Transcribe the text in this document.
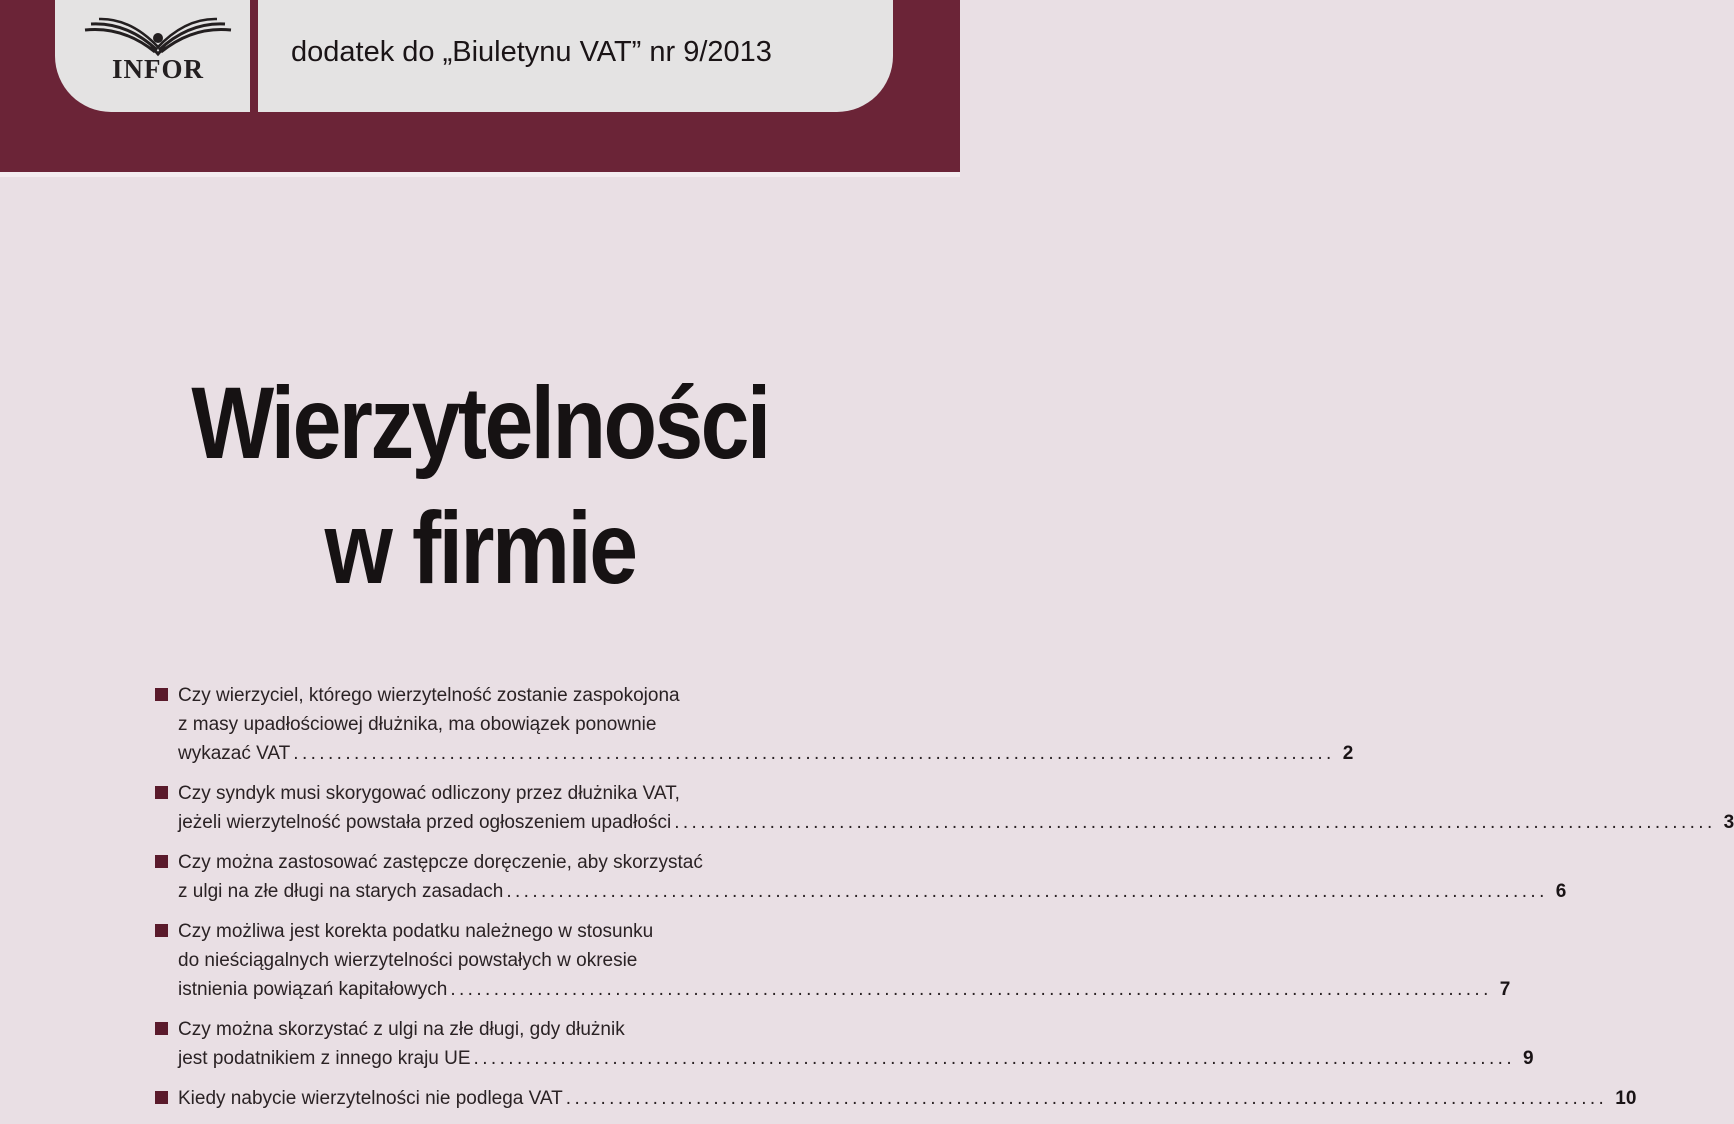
INFOR
dodatek do „Biuletynu VAT” nr 9/2013
Wierzytelności
w firmie
Czy wierzyciel, którego wierzytelność zostanie zaspokojona
z masy upadłościowej dłużnika, ma obowiązek ponownie
wykazać VAT ........................................................................................................................ 2
Czy syndyk musi skorygować odliczony przez dłużnika VAT,
jeżeli wierzytelność powstała przed ogłoszeniem upadłości ........................................................................................................................ 3
Czy można zastosować zastępcze doręczenie, aby skorzystać
z ulgi na złe długi na starych zasadach ........................................................................................................................ 6
Czy możliwa jest korekta podatku należnego w stosunku
do nieściągalnych wierzytelności powstałych w okresie
istnienia powiązań kapitałowych ........................................................................................................................ 7
Czy można skorzystać z ulgi na złe długi, gdy dłużnik
jest podatnikiem z innego kraju UE ........................................................................................................................ 9
Kiedy nabycie wierzytelności nie podlega VAT ........................................................................................................................ 10
